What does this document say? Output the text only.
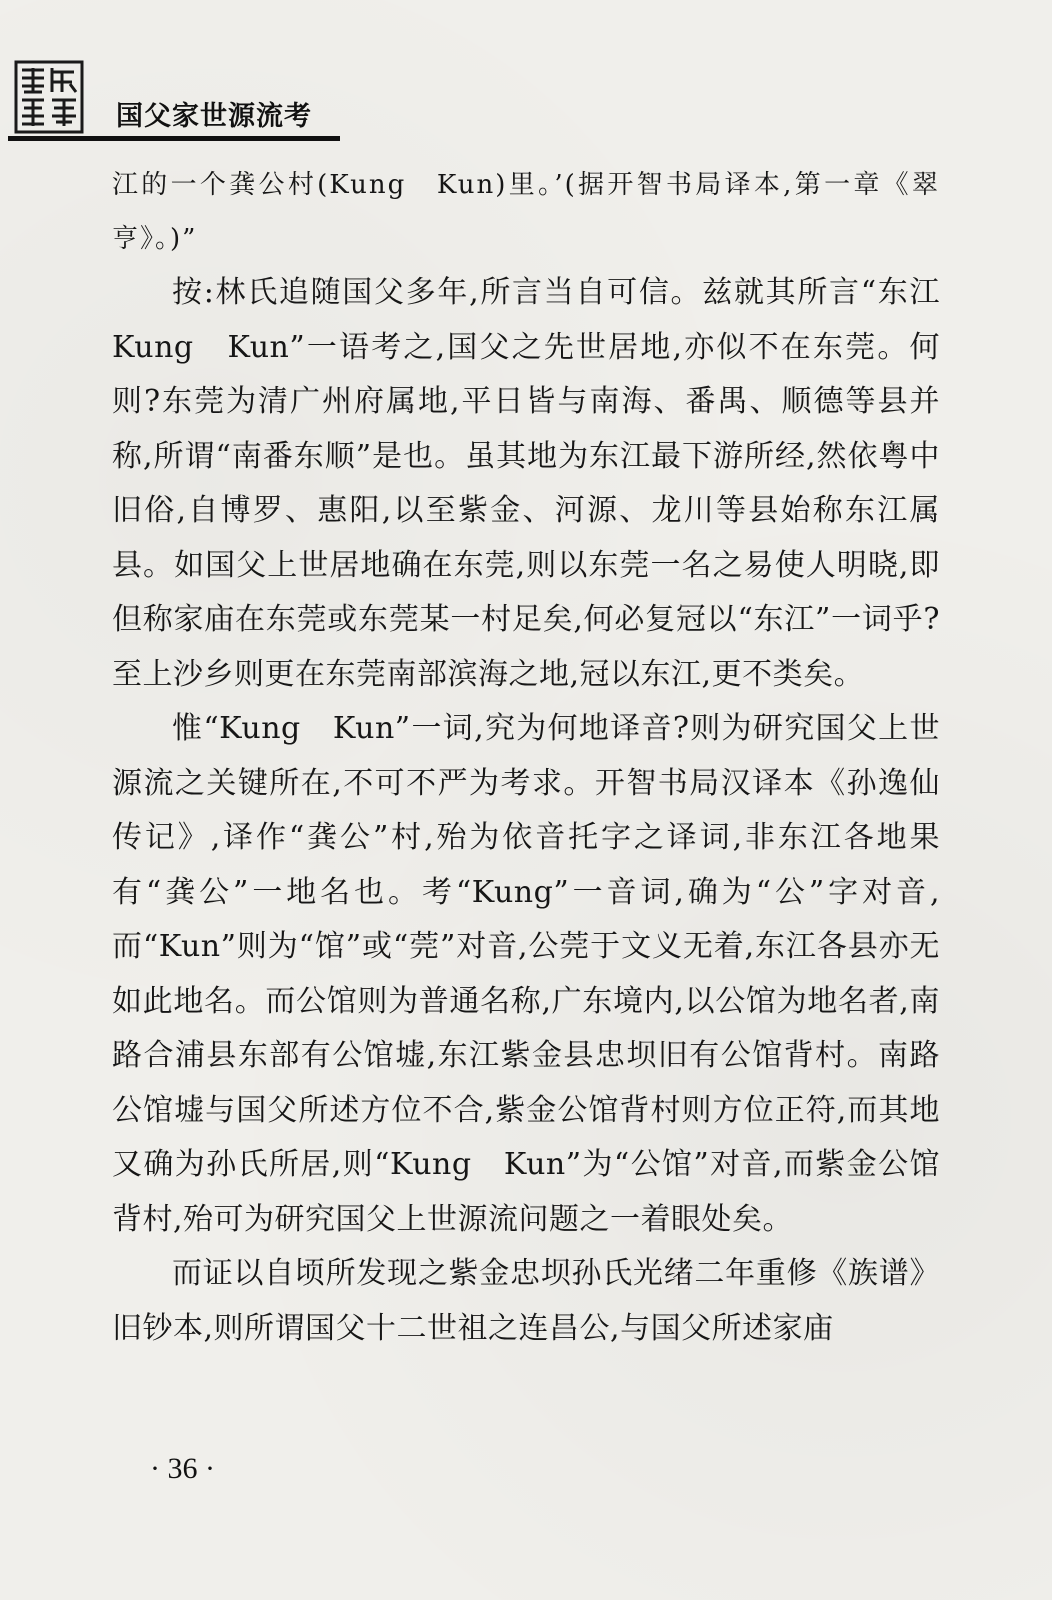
国父家世源流考

江的一个龚公村(Kung　Kun)里。’(据开智书局译本,第一章《翠亨》。)”

按:林氏追随国父多年,所言当自可信。兹就其所言“东江 Kung　Kun”一语考之,国父之先世居地,亦似不在东莞。何则?东莞为清广州府属地,平日皆与南海、番禺、顺德等县并称,所谓“南番东顺”是也。虽其地为东江最下游所经,然依粤中旧俗,自博罗、惠阳,以至紫金、河源、龙川等县始称东江属县。如国父上世居地确在东莞,则以东莞一名之易使人明晓,即但称家庙在东莞或东莞某一村足矣,何必复冠以“东江”一词乎?至上沙乡则更在东莞南部滨海之地,冠以东江,更不类矣。

惟“Kung　Kun”一词,究为何地译音?则为研究国父上世源流之关键所在,不可不严为考求。开智书局汉译本《孙逸仙传记》,译作“龚公”村,殆为依音托字之译词,非东江各地果有“龚公”一地名也。考“Kung”一音词,确为“公”字对音,而“Kun”则为“馆”或“莞”对音,公莞于文义无着,东江各县亦无如此地名。而公馆则为普通名称,广东境内,以公馆为地名者,南路合浦县东部有公馆墟,东江紫金县忠坝旧有公馆背村。南路公馆墟与国父所述方位不合,紫金公馆背村则方位正符,而其地又确为孙氏所居,则“Kung　Kun”为“公馆”对音,而紫金公馆背村,殆可为研究国父上世源流问题之一着眼处矣。

而证以自顷所发现之紫金忠坝孙氏光绪二年重修《族谱》旧钞本,则所谓国父十二世祖之连昌公,与国父所述家庙

· 36 ·
